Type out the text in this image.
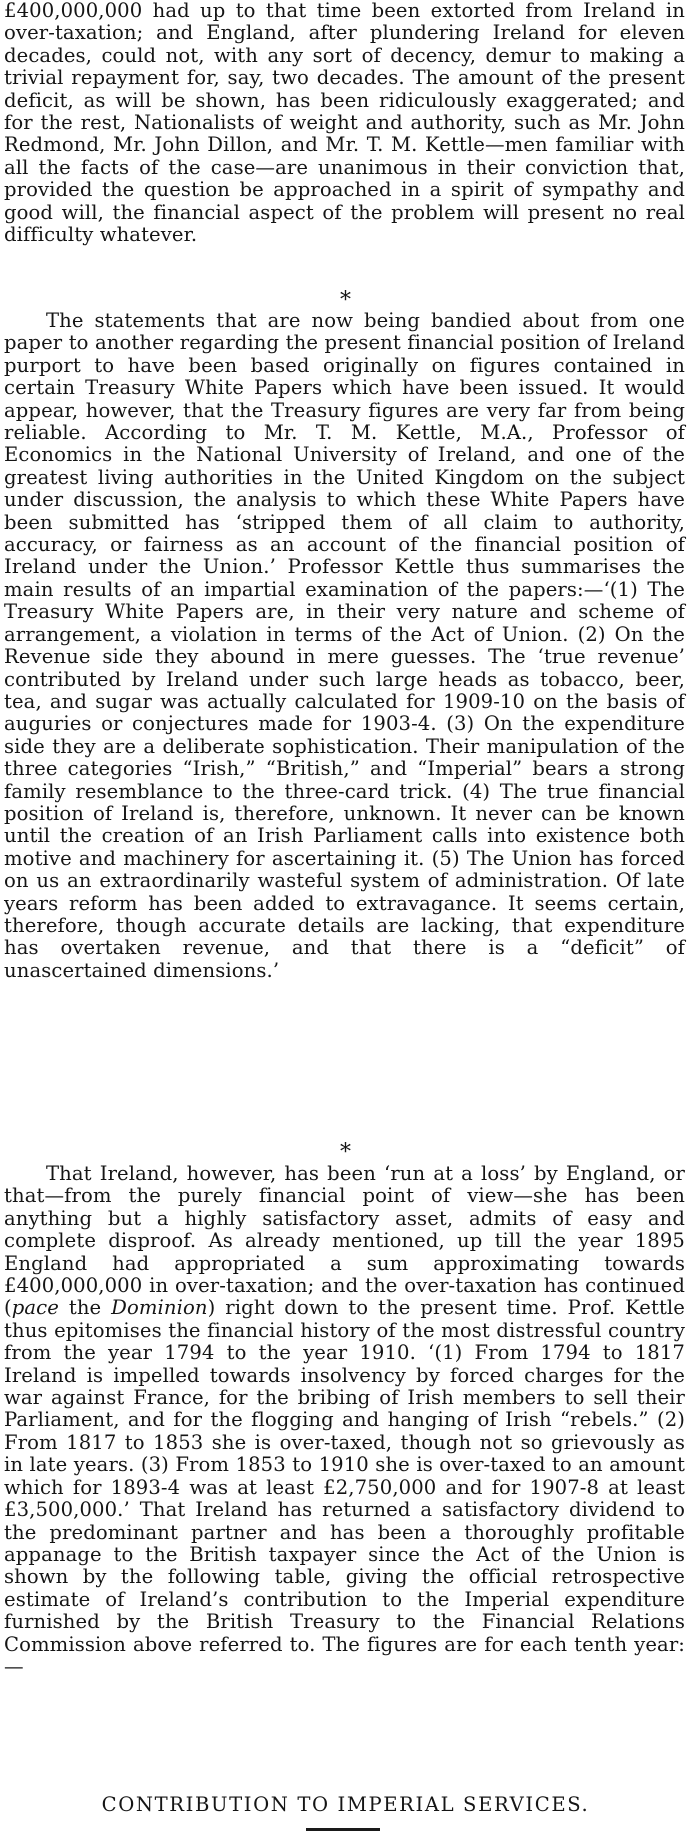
£400,000,000 had up to that time been extorted from Ireland in over-taxation; and England, after plundering Ireland for eleven decades, could not, with any sort of decency, demur to making a trivial repayment for, say, two decades. The amount of the present deficit, as will be shown, has been ridiculously exaggerated; and for the rest, Nationalists of weight and authority, such as Mr. John Redmond, Mr. John Dillon, and Mr. T. M. Kettle—men familiar with all the facts of the case—are unanimous in their conviction that, provided the question be approached in a spirit of sympathy and good will, the financial aspect of the problem will present no real difficulty whatever.

*

The statements that are now being bandied about from one paper to another regarding the present financial position of Ireland purport to have been based originally on figures contained in certain Treasury White Papers which have been issued. It would appear, however, that the Treasury figures are very far from being reliable. According to Mr. T. M. Kettle, M.A., Professor of Economics in the National University of Ireland, and one of the greatest living authorities in the United Kingdom on the subject under discussion, the analysis to which these White Papers have been submitted has ‘stripped them of all claim to authority, accuracy, or fairness as an account of the financial position of Ireland under the Union.’ Professor Kettle thus summarises the main results of an impartial examination of the papers:—‘(1) The Treasury White Papers are, in their very nature and scheme of arrangement, a violation in terms of the Act of Union. (2) On the Revenue side they abound in mere guesses. The ‘true revenue’ contributed by Ireland under such large heads as tobacco, beer, tea, and sugar was actually calculated for 1909-10 on the basis of auguries or conjectures made for 1903-4. (3) On the expenditure side they are a deliberate sophistication. Their manipulation of the three categories “Irish,” “British,” and “Imperial” bears a strong family resemblance to the three-card trick. (4) The true financial position of Ireland is, therefore, unknown. It never can be known until the creation of an Irish Parliament calls into existence both motive and machinery for ascertaining it. (5) The Union has forced on us an extraordinarily wasteful system of administration. Of late years reform has been added to extravagance. It seems certain, therefore, though accurate details are lacking, that expenditure has overtaken revenue, and that there is a “deficit” of unascertained dimensions.’

*

That Ireland, however, has been ‘run at a loss’ by England, or that—from the purely financial point of view—she has been anything but a highly satisfactory asset, admits of easy and complete disproof. As already mentioned, up till the year 1895 England had appropriated a sum approximating towards £400,000,000 in over-taxation; and the over-taxation has continued (pace the Dominion) right down to the present time. Prof. Kettle thus epitomises the financial history of the most distressful country from the year 1794 to the year 1910. ‘(1) From 1794 to 1817 Ireland is impelled towards insolvency by forced charges for the war against France, for the bribing of Irish members to sell their Parliament, and for the flogging and hanging of Irish “rebels.” (2) From 1817 to 1853 she is over-taxed, though not so grievously as in late years. (3) From 1853 to 1910 she is over-taxed to an amount which for 1893-4 was at least £2,750,000 and for 1907-8 at least £3,500,000.’ That Ireland has returned a satisfactory dividend to the predominant partner and has been a thoroughly profitable appanage to the British taxpayer since the Act of the Union is shown by the following table, giving the official retrospective estimate of Ireland’s contribution to the Imperial expenditure furnished by the British Treasury to the Financial Relations Commission above referred to. The figures are for each tenth year:—

CONTRIBUTION TO IMPERIAL SERVICES.
